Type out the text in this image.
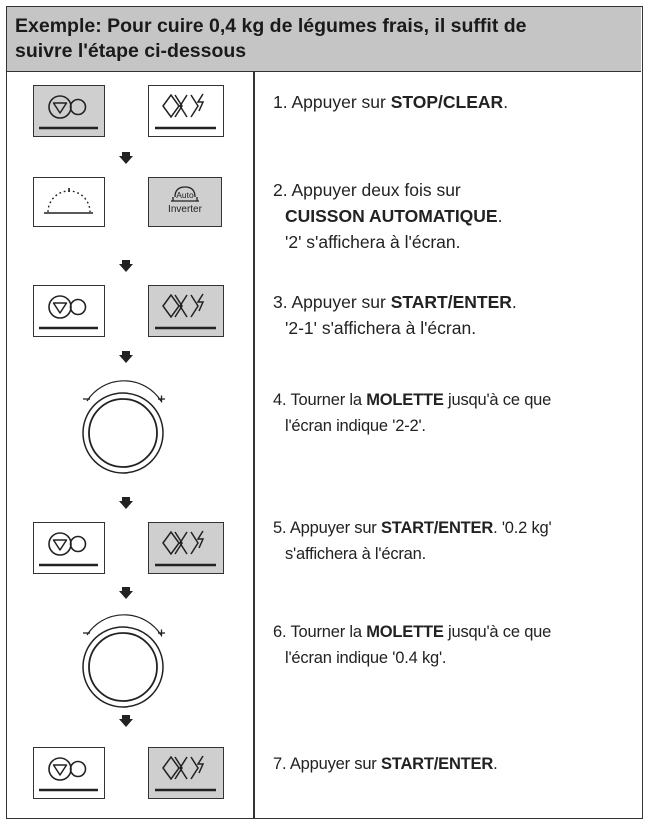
Exemple: Pour cuire 0,4 kg de légumes frais, il suffit de
suivre l'étape ci-dessous
1. Appuyer sur STOP/CLEAR.
Auto
Inverter
2. Appuyer deux fois sur
CUISSON AUTOMATIQUE.
'2' s'affichera à l'écran.
3. Appuyer sur START/ENTER.
'2-1' s'affichera à l'écran.
4. Tourner la MOLETTE jusqu'à ce que
l'écran indique '2-2'.
5. Appuyer sur START/ENTER. '0.2 kg'
s'affichera à l'écran.
6. Tourner la MOLETTE jusqu'à ce que
l'écran indique '0.4 kg'.
7. Appuyer sur START/ENTER.
